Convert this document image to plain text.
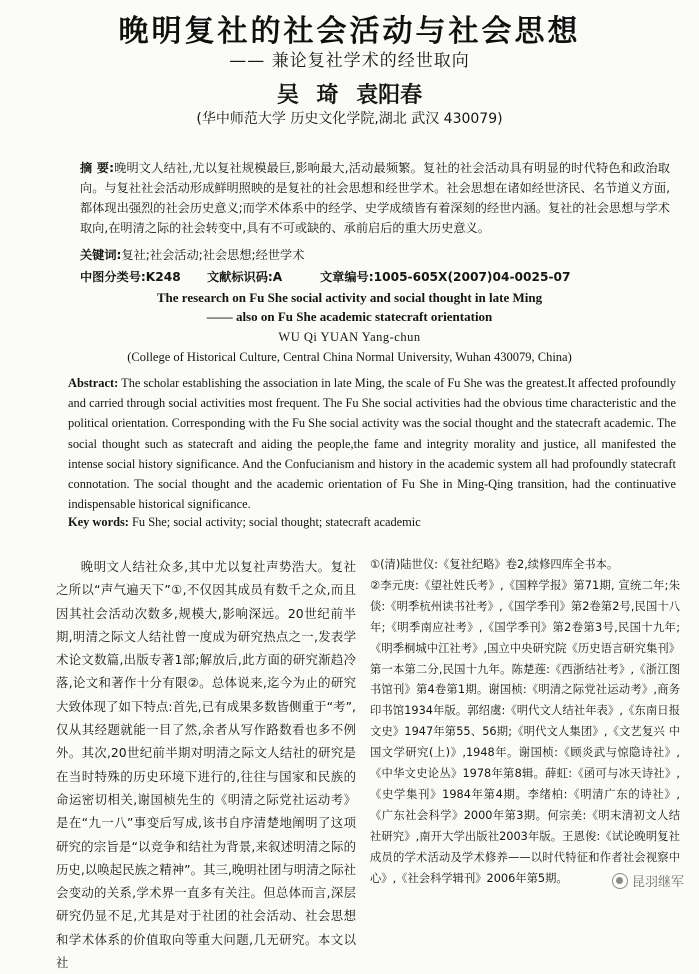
晚明复社的社会活动与社会思想
—— 兼论复社学术的经世取向
吴 琦 袁阳春
(华中师范大学 历史文化学院,湖北 武汉 430079)
摘 要:晚明文人结社,尤以复社规模最巨,影响最大,活动最频繁。复社的社会活动具有明显的时代特色和政治取向。与复社社会活动形成鲜明照映的是复社的社会思想和经世学术。社会思想在诸如经世济民、名节道义方面,都体现出强烈的社会历史意义;而学术体系中的经学、史学成绩皆有着深刻的经世内涵。复社的社会思想与学术取向,在明清之际的社会转变中,具有不可或缺的、承前启后的重大历史意义。
关键词:复社;社会活动;社会思想;经世学术
中图分类号:K248 文献标识码:A	文章编号:1005-605X(2007)04-0025-07
The research on Fu She social activity and social thought in late Ming
—— also on Fu She academic statecraft orientation
WU Qi YUAN Yang-chun
(College of Historical Culture, Central China Normal University, Wuhan 430079, China)
Abstract: The scholar establishing the association in late Ming, the scale of Fu She was the greatest.It affected profoundly and carried through social activities most frequent. The Fu She social activities had the obvious time characteristic and the political orientation. Corresponding with the Fu She social activity was the social thought and the statecraft academic. The social thought such as statecraft and aiding the people,the fame and integrity morality and justice, all manifested the intense social history significance. And the Confucianism and history in the academic system all had profoundly statecraft connotation. The social thought and the academic orientation of Fu She in Ming-Qing transition, had the continuative indispensable historical significance.
Key words: Fu She; social activity; social thought; statecraft academic
晚明文人结社众多,其中尤以复社声势浩大。复社之所以“声气遍天下”①,不仅因其成员有数千之众,而且因其社会活动次数多,规模大,影响深远。20世纪前半期,明清之际文人结社曾一度成为研究热点之一,发表学术论文数篇,出版专著1部;解放后,此方面的研究渐趋冷落,论文和著作十分有限②。总体说来,迄今为止的研究大致体现了如下特点:首先,已有成果多数皆侧重于“考”,仅从其经题就能一目了然,余者从写作路数看也多不例外。其次,20世纪前半期对明清之际文人结社的研究是在当时特殊的历史环境下进行的,往往与国家和民族的命运密切相关,谢国桢先生的《明清之际党社运动考》是在“九一八”事变后写成,该书自序清楚地阐明了这项研究的宗旨是“以竞争和结社为背景,来叙述明清之际的历史,以唤起民族之精神”。其三,晚明社团与明清之际社会变动的关系,学术界一直多有关注。但总体而言,深层研究仍显不足,尤其是对于社团的社会活动、社会思想和学术体系的价值取向等重大问题,几无研究。本文以社

①(清)陆世仪:《复社纪略》卷2,续修四库全书本。

②李元庚:《望社姓氏考》,《国粹学报》第71期, 宣统二年;朱倓:《明季杭州读书社考》,《国学季刊》第2卷第2号,民国十八年;《明季南应社考》,《国学季刊》第2卷第3号,民国十九年;《明季桐城中江社考》,国立中央研究院《历史语言研究集刊》第一本第二分,民国十九年。陈楚莲:《西浙结社考》,《浙江图书馆刊》第4卷第1期。谢国桢:《明清之际党社运动考》,商务印书馆1934年版。郭绍虞:《明代文人结社年表》,《东南日报文史》1947年第55、56期;《明代文人集团》,《文艺复兴 中国文学研究(上)》,1948年。谢国桢:《顾炎武与惊隐诗社》,《中华文史论丛》1978年第8辑。薛虹:《函可与冰天诗社》,《史学集刊》1984年第4期。李绪柏:《明清广东的诗社》,《广东社会科学》2000年第3期。何宗美:《明末清初文人结社研究》,南开大学出版社2003年版。王恩俊:《试论晚明复社成员的学术活动及学术修养——以时代特征和作者社会视察中心》,《社会科学辑刊》2006年第5期。	昆羽继军
